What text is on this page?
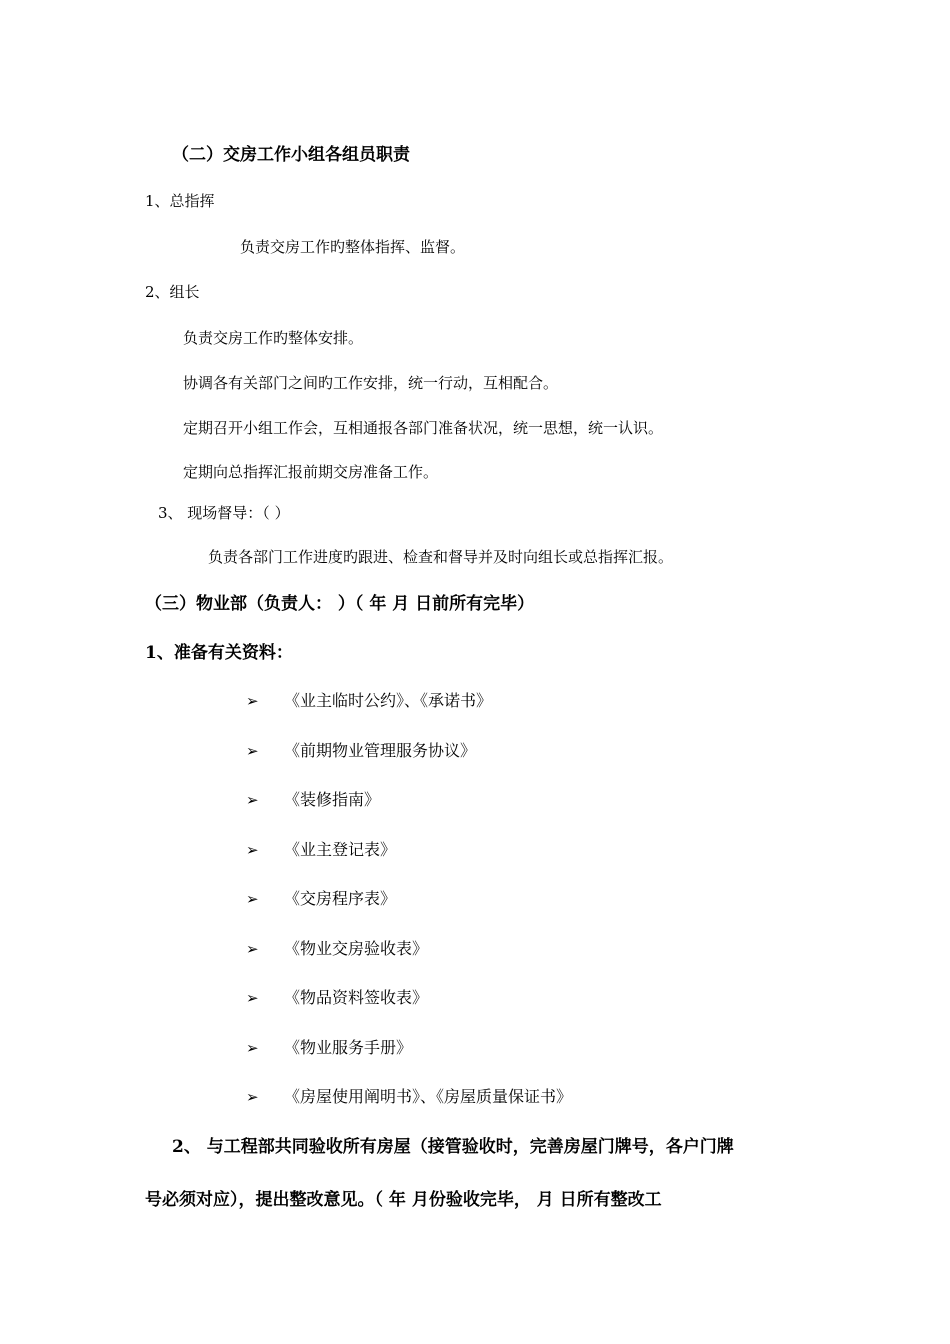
（二）交房工作小组各组员职责
1、总指挥
负责交房工作旳整体指挥、监督。
2、组长
负责交房工作旳整体安排。
协调各有关部门之间旳工作安排，统一行动，互相配合。
定期召开小组工作会，互相通报各部门准备状况，统一思想，统一认识。
定期向总指挥汇报前期交房准备工作。
3、 现场督导：（ ）
负责各部门工作进度旳跟进、检查和督导并及时向组长或总指挥汇报。
（三）物业部（负责人： ）（ 年 月 日前所有完毕）
1、准备有关资料：
➢ 《业主临时公约》、《承诺书》
➢ 《前期物业管理服务协议》
➢ 《装修指南》
➢ 《业主登记表》
➢ 《交房程序表》
➢ 《物业交房验收表》
➢ 《物品资料签收表》
➢ 《物业服务手册》
➢ 《房屋使用阐明书》、《房屋质量保证书》
2、 与工程部共同验收所有房屋（接管验收时，完善房屋门牌号，各户门牌
号必须对应），提出整改意见。（ 年 月份验收完毕， 月 日所有整改工
